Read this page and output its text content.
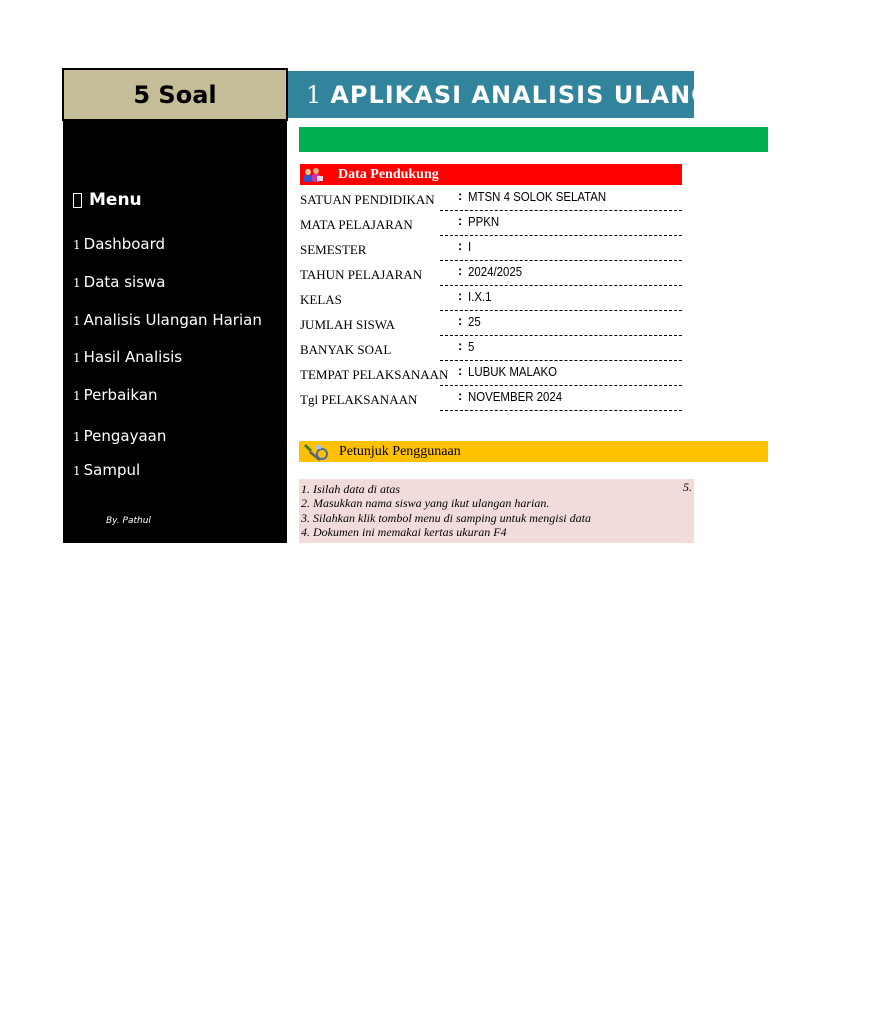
5 Soal
Menu
1 Dashboard
1 Data siswa
1 Analisis Ulangan Harian
1 Hasil Analisis
1 Perbaikan
1 Pengayaan
1 Sampul
By. Pathul
1 APLIKASI ANALISIS ULANGAN HARIAN
Data Pendukung
SATUAN PENDIDIKAN : MTSN 4 SOLOK SELATAN
MATA PELAJARAN	: PPKN
SEMESTER	: I
TAHUN PELAJARAN	: 2024/2025
KELAS	: I.X.1
JUMLAH SISWA	: 25
BANYAK SOAL	: 5
TEMPAT PELAKSANAAN : LUBUK MALAKO
Tgl PELAKSANAAN	: NOVEMBER 2024
Petunjuk Penggunaan
1. Isilah data di atas
2. Masukkan nama siswa yang ikut ulangan harian.
3. Silahkan klik tombol menu di samping untuk mengisi data
4. Dokumen ini memakai kertas ukuran F4
5.
